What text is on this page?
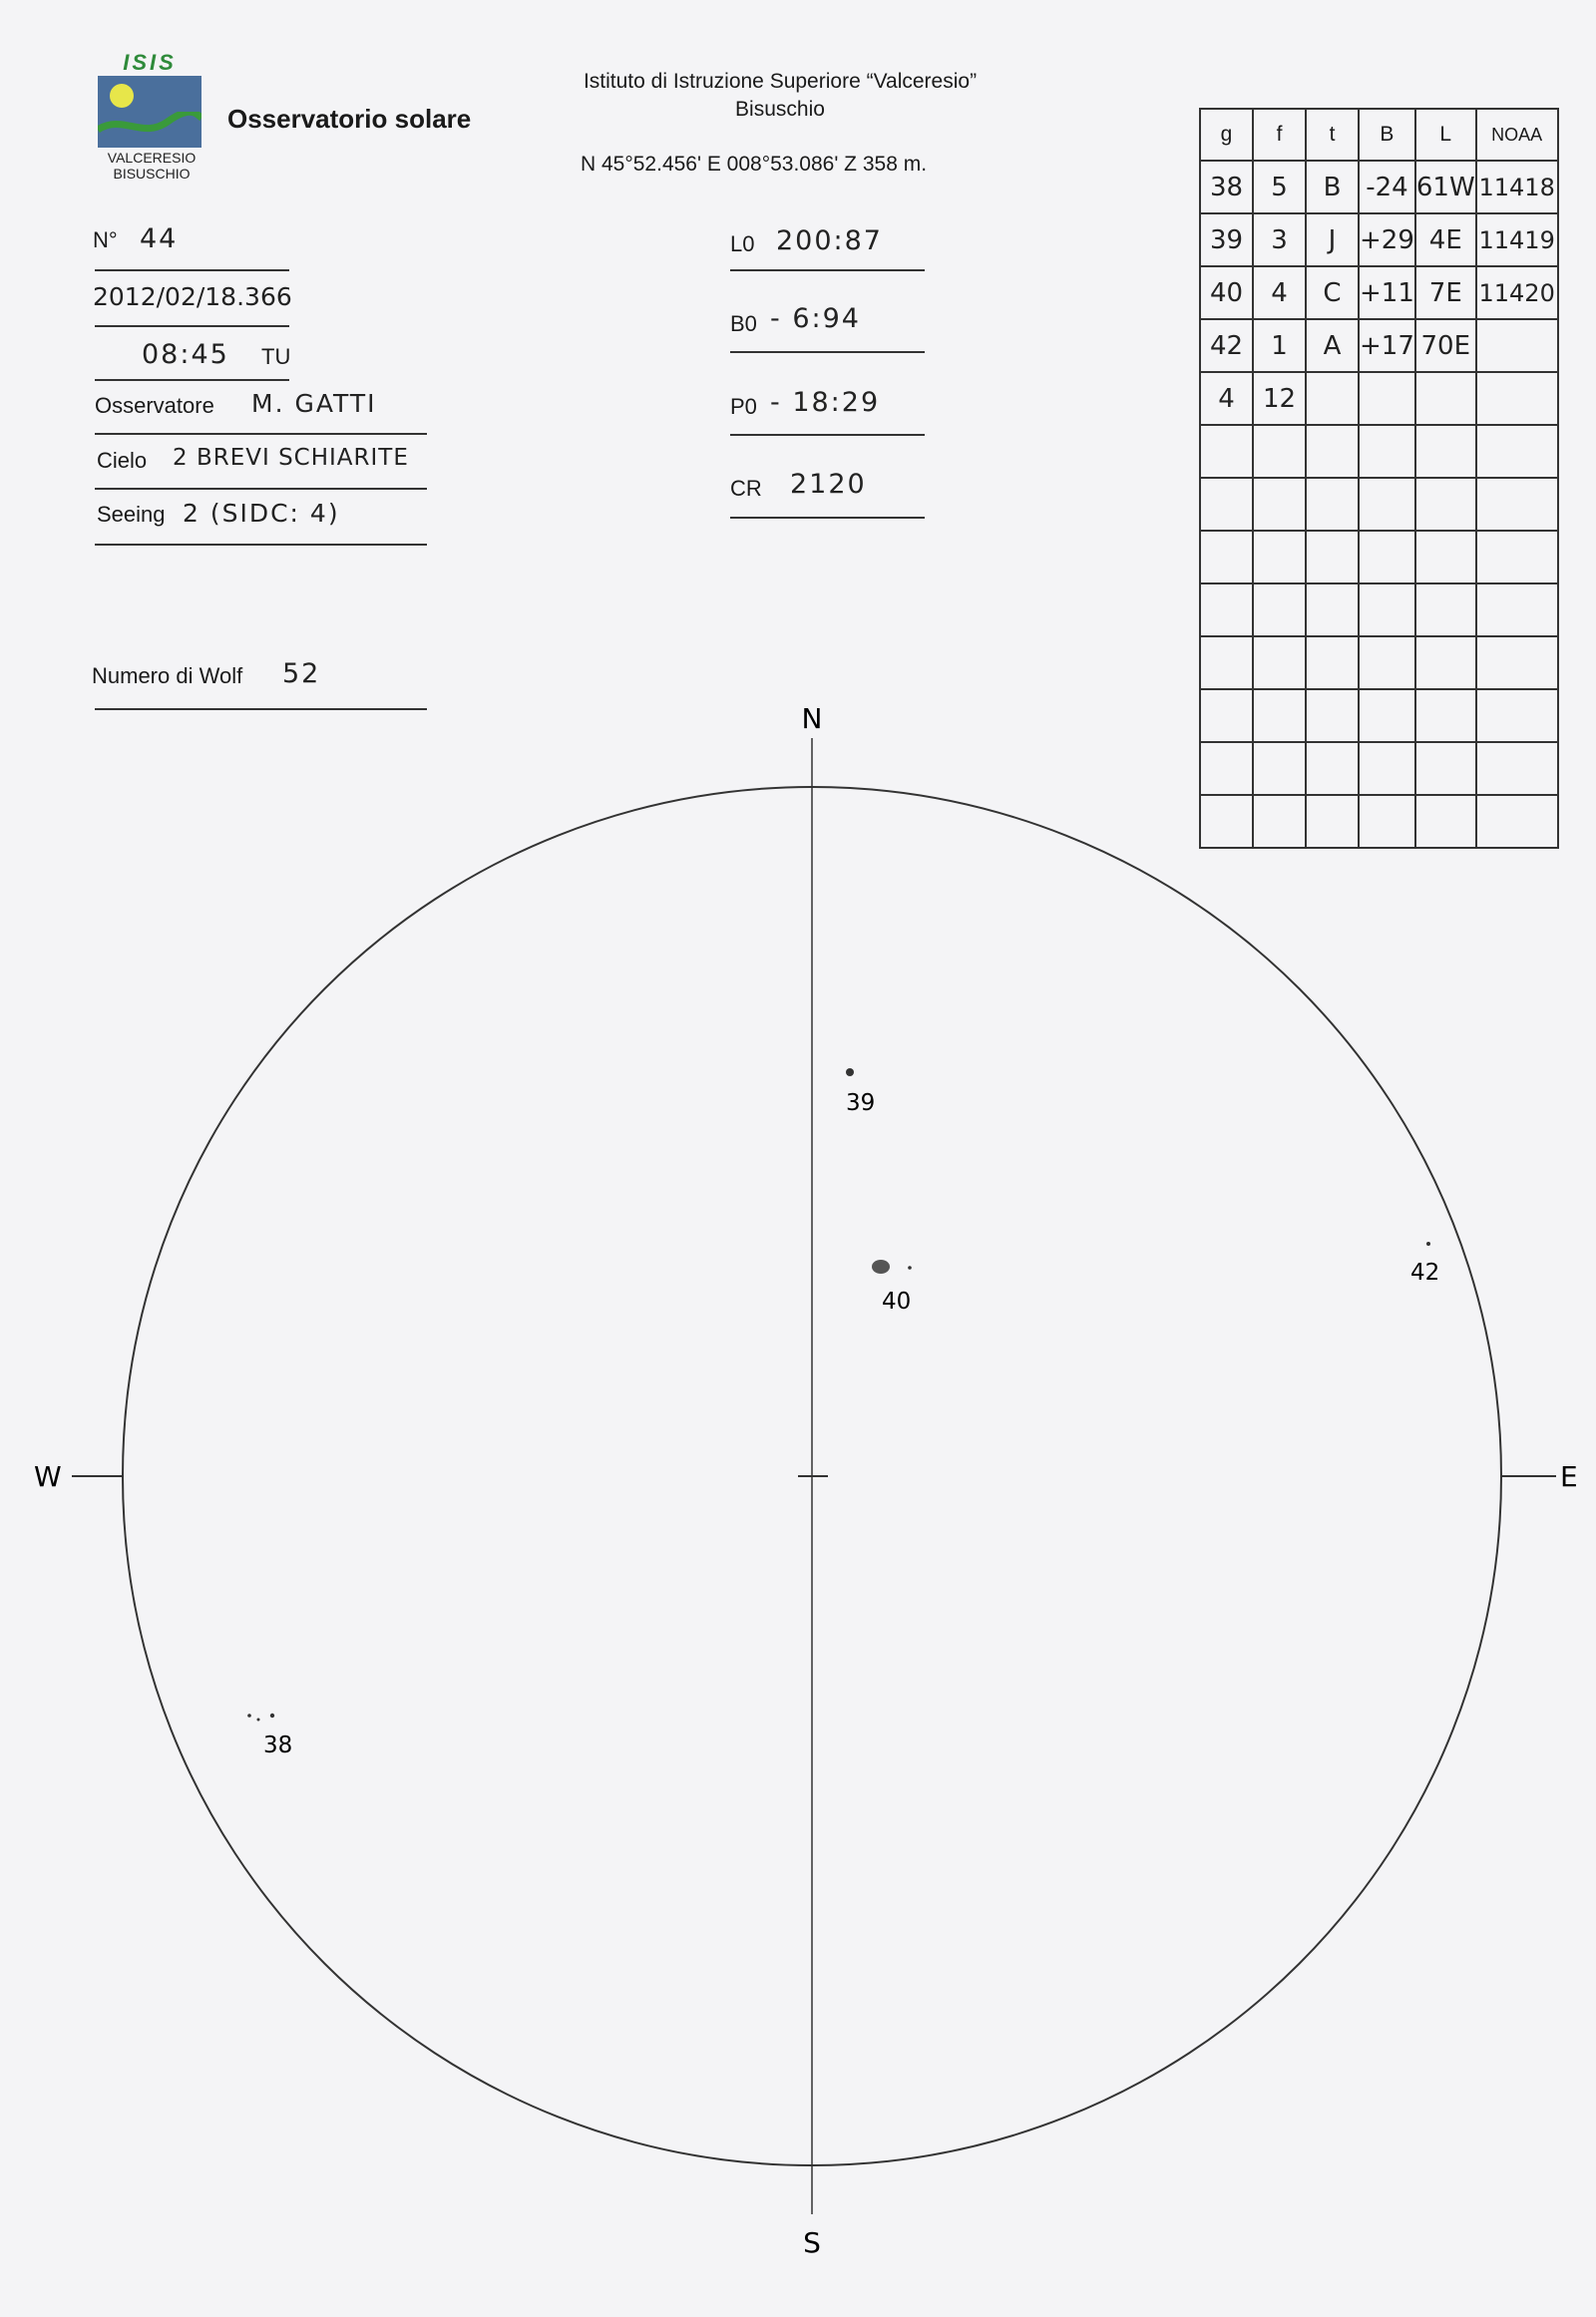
ISIS
VALCERESIO
BISUSCHIO
Osservatorio solare
Istituto di Istruzione Superiore “Valceresio”
Bisuschio
N 45°52.456' E 008°53.086' Z 358 m.
N° 44
2012/02/18.366
08:45 TU
Osservatore M. GATTI
Cielo 2 BREVI SCHIARITE
Seeing 2 (SIDC: 4)
Numero di Wolf 52
L0 200:87
B0 - 6:94
P0 - 18:29
CR 2120
g	f	t	B	L	NOAA
38	5	B	-24	61W	11418
39	3	J	+29	4E	11419
40	4	C	+11	7E	11420
42	1	A	+17	70E	
4	12				

N
S
W	E
39
40
42
38
